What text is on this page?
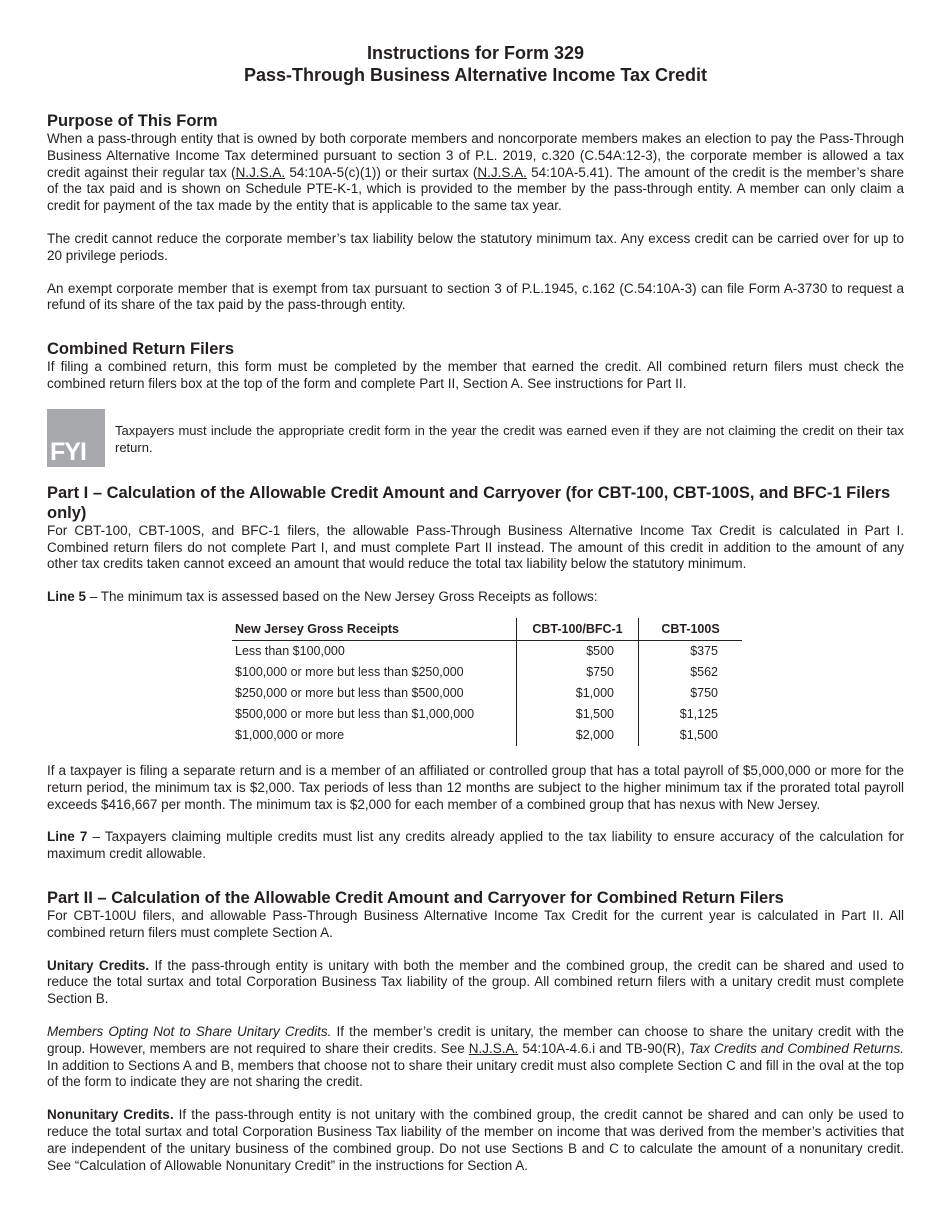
Instructions for Form 329
Pass-Through Business Alternative Income Tax Credit
Purpose of This Form

When a pass-through entity that is owned by both corporate members and noncorporate members makes an election to pay the Pass-Through Business Alternative Income Tax determined pursuant to section 3 of P.L. 2019, c.320 (C.54A:12-3), the corporate member is allowed a tax credit against their regular tax (N.J.S.A. 54:10A-5(c)(1)) or their surtax (N.J.S.A. 54:10A-5.41). The amount of the credit is the member’s share of the tax paid and is shown on Schedule PTE-K-1, which is provided to the member by the pass-through entity. A member can only claim a credit for payment of the tax made by the entity that is applicable to the same tax year.

The credit cannot reduce the corporate member’s tax liability below the statutory minimum tax. Any excess credit can be carried over for up to 20 privilege periods.

An exempt corporate member that is exempt from tax pursuant to section 3 of P.L.1945, c.162 (C.54:10A-3) can file Form A-3730 to request a refund of its share of the tax paid by the pass-through entity.

Combined Return Filers

If filing a combined return, this form must be completed by the member that earned the credit. All combined return filers must check the combined return filers box at the top of the form and complete Part II, Section A. See instructions for Part II.

FYI
Taxpayers must include the appropriate credit form in the year the credit was earned even if they are not claiming the credit on their tax return.
Part I – Calculation of the Allowable Credit Amount and Carryover (for CBT-100, CBT-100S, and BFC-1 Filers only)

For CBT-100, CBT-100S, and BFC-1 filers, the allowable Pass-Through Business Alternative Income Tax Credit is calculated in Part I. Combined return filers do not complete Part I, and must complete Part II instead. The amount of this credit in addition to the amount of any other tax credits taken cannot exceed an amount that would reduce the total tax liability below the statutory minimum.

Line 5 – The minimum tax is assessed based on the New Jersey Gross Receipts as follows:

New Jersey Gross Receipts	CBT-100/BFC-1	CBT-100S
Less than $100,000	$500	$375
$100,000 or more but less than $250,000	$750	$562
$250,000 or more but less than $500,000	$1,000	$750
$500,000 or more but less than $1,000,000	$1,500	$1,125
$1,000,000 or more	$2,000	$1,500

If a taxpayer is filing a separate return and is a member of an affiliated or controlled group that has a total payroll of $5,000,000 or more for the return period, the minimum tax is $2,000. Tax periods of less than 12 months are subject to the higher minimum tax if the prorated total payroll exceeds $416,667 per month. The minimum tax is $2,000 for each member of a combined group that has nexus with New Jersey.

Line 7 – Taxpayers claiming multiple credits must list any credits already applied to the tax liability to ensure accuracy of the calculation for maximum credit allowable.

Part II – Calculation of the Allowable Credit Amount and Carryover for Combined Return Filers

For CBT-100U filers, and allowable Pass-Through Business Alternative Income Tax Credit for the current year is calculated in Part II. All combined return filers must complete Section A.

Unitary Credits. If the pass-through entity is unitary with both the member and the combined group, the credit can be shared and used to reduce the total surtax and total Corporation Business Tax liability of the group. All combined return filers with a unitary credit must complete Section B.

Members Opting Not to Share Unitary Credits. If the member’s credit is unitary, the member can choose to share the unitary credit with the group. However, members are not required to share their credits. See N.J.S.A. 54:10A-4.6.i and TB-90(R), Tax Credits and Combined Returns. In addition to Sections A and B, members that choose not to share their unitary credit must also complete Section C and fill in the oval at the top of the form to indicate they are not sharing the credit.

Nonunitary Credits. If the pass-through entity is not unitary with the combined group, the credit cannot be shared and can only be used to reduce the total surtax and total Corporation Business Tax liability of the member on income that was derived from the member’s activities that are independent of the unitary business of the combined group. Do not use Sections B and C to calculate the amount of a nonunitary credit. See “Calculation of Allowable Nonunitary Credit” in the instructions for Section A.
